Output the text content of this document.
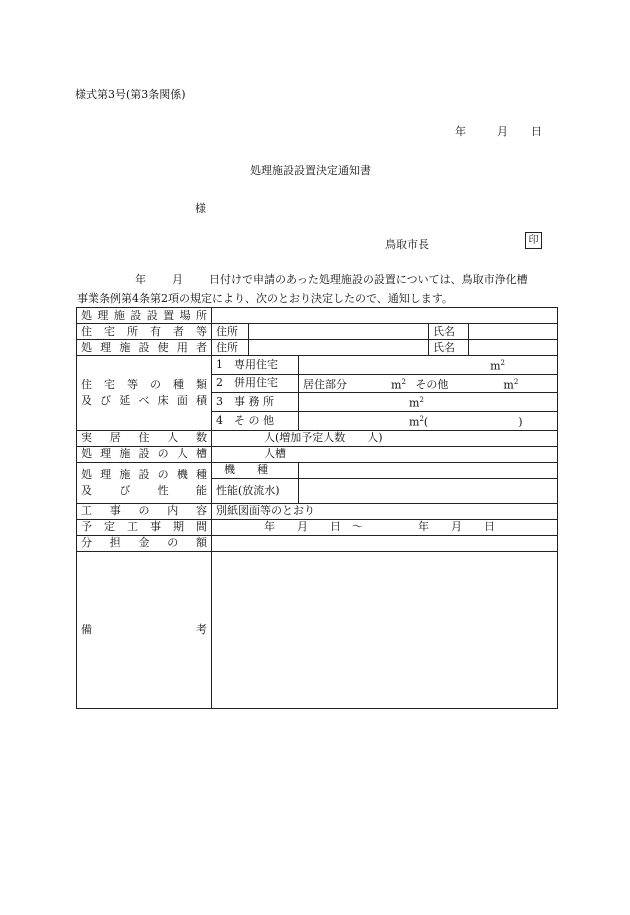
様式第3号(第3条関係)
年	月 日
処理施設設置決定通知書
様
鳥取市長	印
年 月 日付けで申請のあった処理施設の設置については、鳥取市浄化槽
事業条例第4条第2項の規定により、次のとおり決定したので、通知します。
処理施設設置場所					
住宅所有者等	住所			氏名	
処理施設使用者	住所			氏名	

住宅等の種類
及び延べ床面積	1　専用住宅		$m^2$
	2　併用住宅		居住部分 $m^2$ その他 $m^2$
	3　事 務 所		$m^2$
	4　そ の 他		$m^2$( )		
実居住人数	人(増加予定人数　　人)				
処理施設の人槽	人槽				

処理施設の機種
及び性能	機　　種				
	性能(放流水)				
工事の内容	別紙図面等のとおり				
予定工事期間	年　　月　　日　～　　　　　年　　月　　日				
分担金の額					
備考					
